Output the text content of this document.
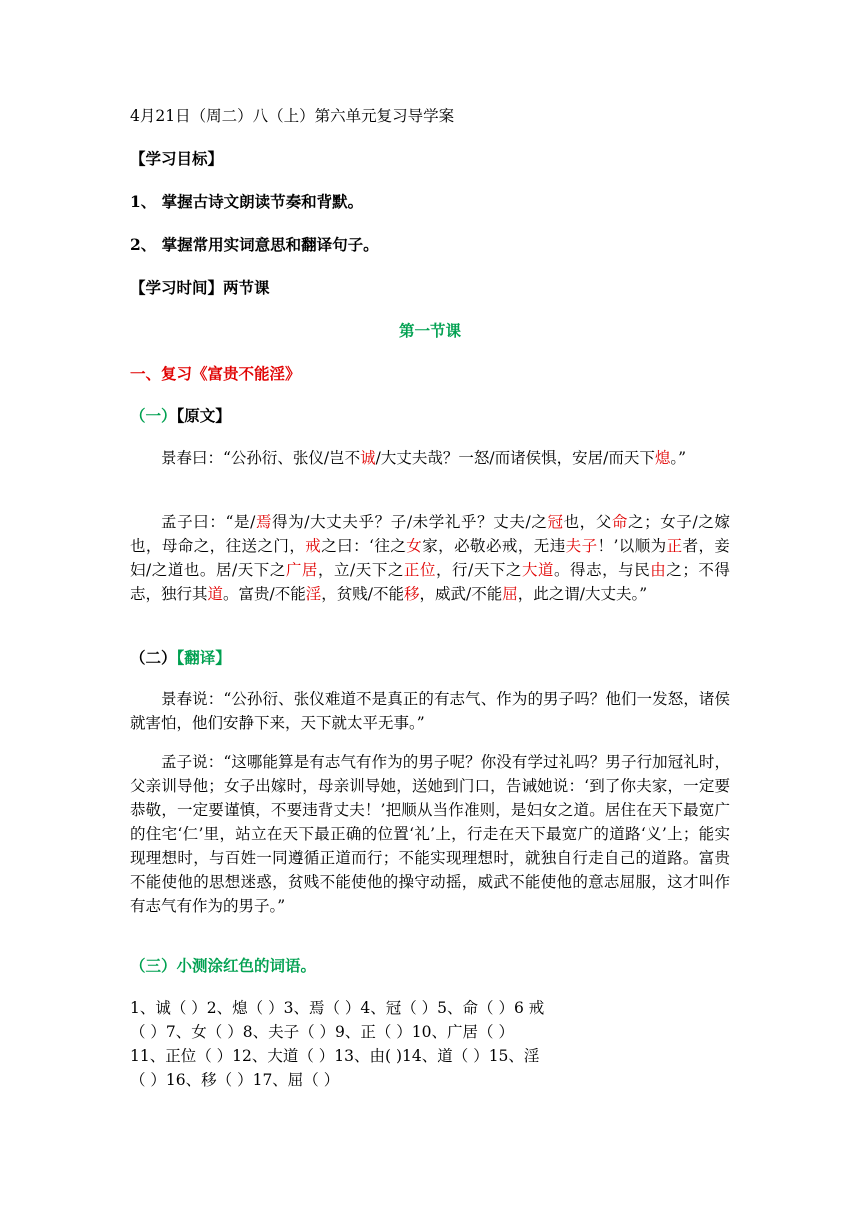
4月21日（周二）八（上）第六单元复习导学案
【学习目标】
1、 掌握古诗文朗读节奏和背默。
2、 掌握常用实词意思和翻译句子。
【学习时间】两节课
第一节课
一、复习《富贵不能淫》
（一）【原文】
景春曰：“公孙衍、张仪/岂不诚/大丈夫哉？一怒/而诸侯惧，安居/而天下熄。”
孟子曰：“是/焉得为/大丈夫乎？子/未学礼乎？丈夫/之冠也，父命之；女子/之嫁也，母命之，往送之门，戒之曰：‘往之女家，必敬必戒，无违夫子！’以顺为正者，妾妇/之道也。居/天下之广居，立/天下之正位，行/天下之大道。得志，与民由之；不得志，独行其道。富贵/不能淫，贫贱/不能移，威武/不能屈，此之谓/大丈夫。”
（二）【翻译】
景春说：“公孙衍、张仪难道不是真正的有志气、作为的男子吗？他们一发怒，诸侯就害怕，他们安静下来，天下就太平无事。”
孟子说：“这哪能算是有志气有作为的男子呢？你没有学过礼吗？男子行加冠礼时，父亲训导他；女子出嫁时，母亲训导她，送她到门口，告诫她说：‘到了你夫家，一定要恭敬，一定要谨慎，不要违背丈夫！’把顺从当作准则，是妇女之道。居住在天下最宽广的住宅‘仁’里，站立在天下最正确的位置‘礼’上，行走在天下最宽广的道路‘义’上；能实现理想时，与百姓一同遵循正道而行；不能实现理想时，就独自行走自己的道路。富贵不能使他的思想迷惑，贫贱不能使他的操守动摇，威武不能使他的意志屈服，这才叫作有志气有作为的男子。”
（三）小测涂红色的词语。
1、诚（ ）2、熄（ ）3、焉（ ）4、冠（ ）5、命（ ）6 戒
（ ）7、女（ ）8、夫子（ ）9、正（ ）10、广居（ ）
11、正位（ ）12、大道（ ）13、由( )14、道（ ）15、淫
（ ）16、移（ ）17、屈（ ）
